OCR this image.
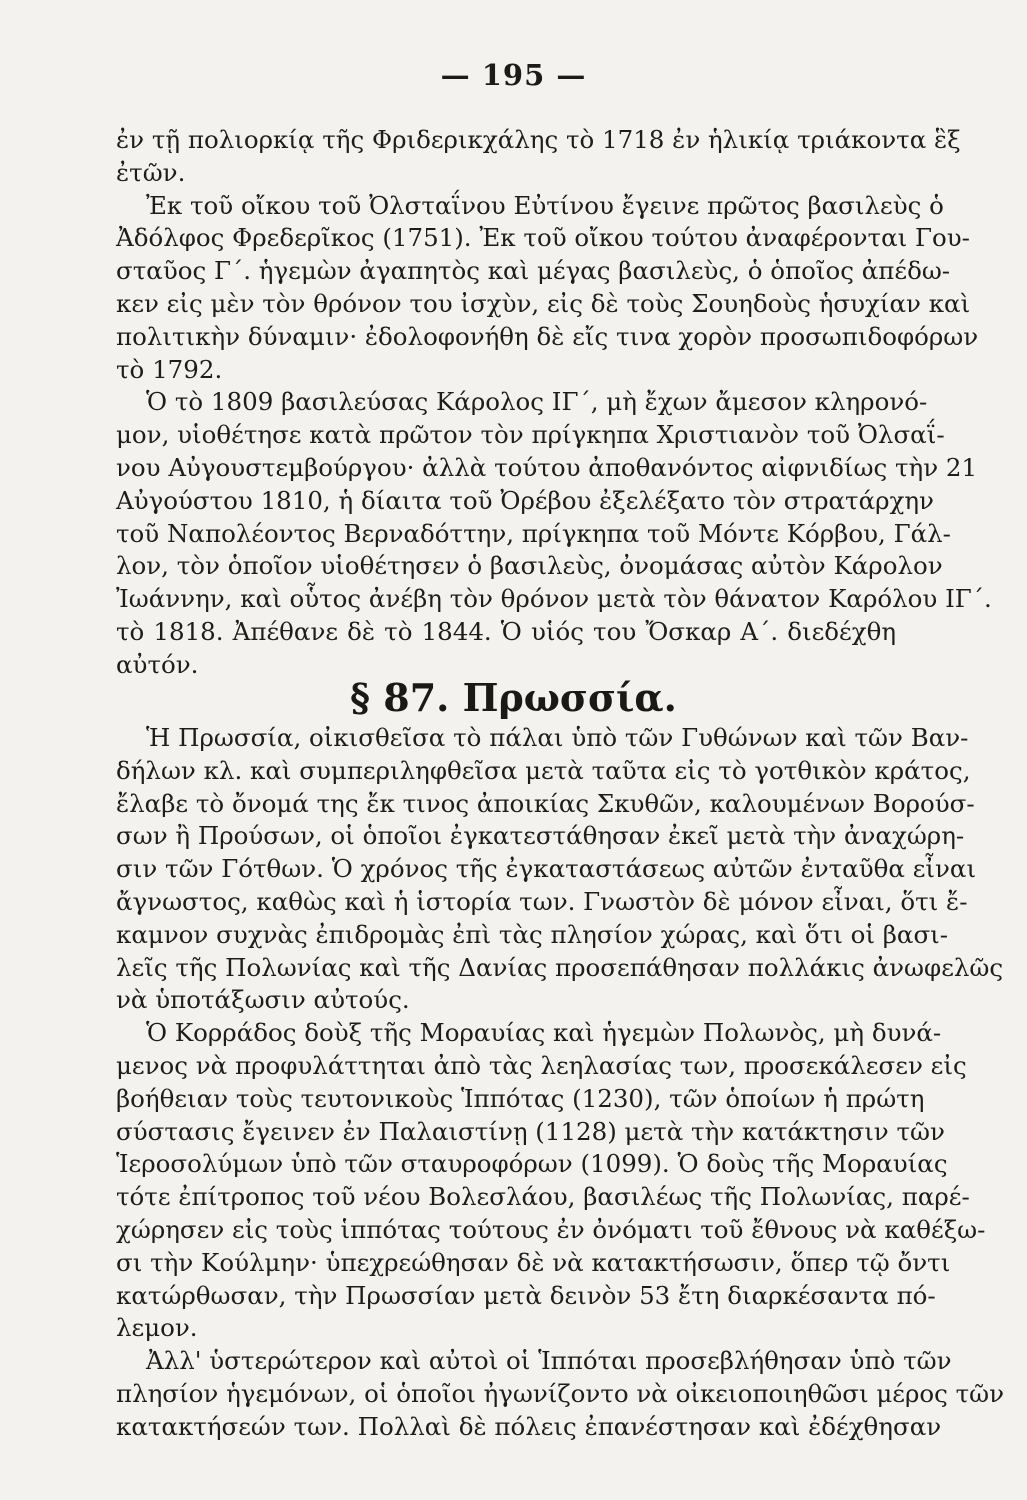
— 195 —
ἐν τῇ πολιορκίᾳ τῆς Φριδερικχάλης τὸ 1718 ἐν ἡλικίᾳ τριάκοντα ἓξ
ἐτῶν.
Ἐκ τοῦ οἴκου τοῦ Ὀλσταΐνου Εὐτίνου ἔγεινε πρῶτος βασιλεὺς ὁ
Ἀδόλφος Φρεδερῖκος (1751). Ἐκ τοῦ οἴκου τούτου ἀναφέρονται Γου-
σταῦος Γ΄. ἡγεμὼν ἀγαπητὸς καὶ μέγας βασιλεὺς, ὁ ὁποῖος ἀπέδω-
κεν εἰς μὲν τὸν θρόνον του ἰσχὺν, εἰς δὲ τοὺς Σουηδοὺς ἡσυχίαν καὶ
πολιτικὴν δύναμιν· ἐδολοφονήθη δὲ εἴς τινα χορὸν προσωπιδοφόρων
τὸ 1792.
Ὁ τὸ 1809 βασιλεύσας Κάρολος ΙΓ΄, μὴ ἔχων ἄμεσον κληρονό-
μον, υἱοθέτησε κατὰ πρῶτον τὸν πρίγκηπα Χριστιανὸν τοῦ Ὀλσαΐ-
νου Αὐγουστεμβούργου· ἀλλὰ τούτου ἀποθανόντος αἰφνιδίως τὴν 21
Αὐγούστου 1810, ἡ δίαιτα τοῦ Ὀρέβου ἐξελέξατο τὸν στρατάρχην
τοῦ Ναπολέοντος Βερναδόττην, πρίγκηπα τοῦ Μόντε Κόρβου, Γάλ-
λον, τὸν ὁποῖον υἱοθέτησεν ὁ βασιλεὺς, ὀνομάσας αὐτὸν Κάρολον
Ἰωάννην, καὶ οὗτος ἀνέβη τὸν θρόνον μετὰ τὸν θάνατον Καρόλου ΙΓ΄.
τὸ 1818. Ἀπέθανε δὲ τὸ 1844. Ὁ υἱός του Ὄσκαρ Α΄. διεδέχθη
αὐτόν.
§ 87. Πρωσσία.
Ἡ Πρωσσία, οἰκισθεῖσα τὸ πάλαι ὑπὸ τῶν Γυθώνων καὶ τῶν Βαν-
δήλων κλ. καὶ συμπεριληφθεῖσα μετὰ ταῦτα εἰς τὸ γοτθικὸν κράτος,
ἔλαβε τὸ ὄνομά της ἔκ τινος ἀποικίας Σκυθῶν, καλουμένων Βορούσ-
σων ἢ Προύσων, οἱ ὁποῖοι ἐγκατεστάθησαν ἐκεῖ μετὰ τὴν ἀναχώρη-
σιν τῶν Γότθων. Ὁ χρόνος τῆς ἐγκαταστάσεως αὐτῶν ἐνταῦθα εἶναι
ἄγνωστος, καθὼς καὶ ἡ ἱστορία των. Γνωστὸν δὲ μόνον εἶναι, ὅτι ἔ-
καμνον συχνὰς ἐπιδρομὰς ἐπὶ τὰς πλησίον χώρας, καὶ ὅτι οἱ βασι-
λεῖς τῆς Πολωνίας καὶ τῆς Δανίας προσεπάθησαν πολλάκις ἀνωφελῶς
νὰ ὑποτάξωσιν αὐτούς.
Ὁ Κορράδος δοὺξ τῆς Μοραυίας καὶ ἡγεμὼν Πολωνὸς, μὴ δυνά-
μενος νὰ προφυλάττηται ἀπὸ τὰς λεηλασίας των, προσεκάλεσεν εἰς
βοήθειαν τοὺς τευτονικοὺς Ἱππότας (1230), τῶν ὁποίων ἡ πρώτη
σύστασις ἔγεινεν ἐν Παλαιστίνῃ (1128) μετὰ τὴν κατάκτησιν τῶν
Ἱεροσολύμων ὑπὸ τῶν σταυροφόρων (1099). Ὁ δοὺς τῆς Μοραυίας
τότε ἐπίτροπος τοῦ νέου Βολεσλάου, βασιλέως τῆς Πολωνίας, παρέ-
χώρησεν εἰς τοὺς ἱππότας τούτους ἐν ὀνόματι τοῦ ἔθνους νὰ καθέξω-
σι τὴν Κούλμην· ὑπεχρεώθησαν δὲ νὰ κατακτήσωσιν, ὅπερ τῷ ὄντι
κατώρθωσαν, τὴν Πρωσσίαν μετὰ δεινὸν 53 ἔτη διαρκέσαντα πό-
λεμον.
Ἀλλ' ὑστερώτερον καὶ αὐτοὶ οἱ Ἱππόται προσεβλήθησαν ὑπὸ τῶν
πλησίον ἡγεμόνων, οἱ ὁποῖοι ἠγωνίζοντο νὰ οἰκειοποιηθῶσι μέρος τῶν
κατακτήσεών των. Πολλαὶ δὲ πόλεις ἐπανέστησαν καὶ ἐδέχθησαν
